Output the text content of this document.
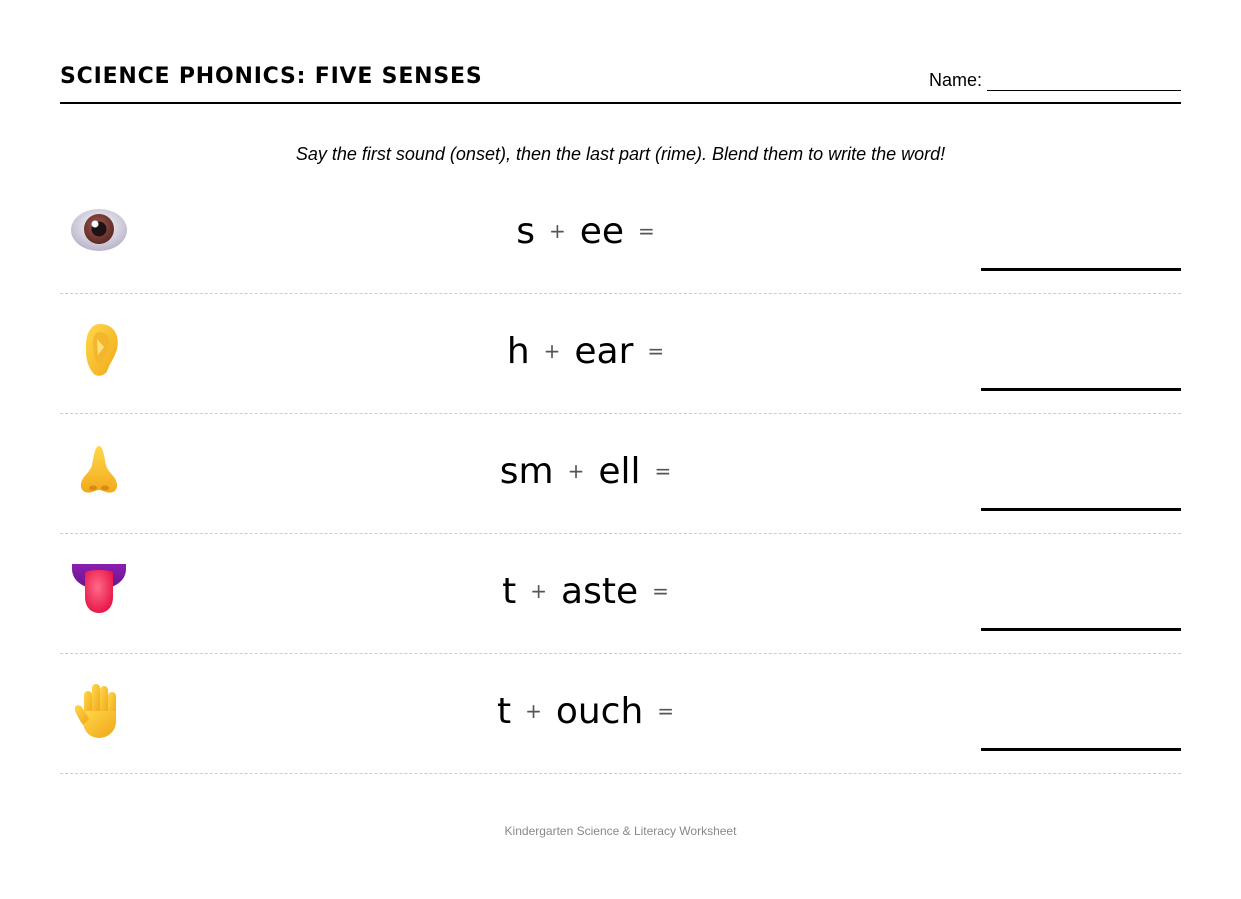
SCIENCE PHONICS: FIVE SENSES	Name:
Say the first sound (onset), then the last part (rime). Blend them to write the word!
s + ee =
h + ear =
sm + ell =
t + aste =
t + ouch =
Kindergarten Science & Literacy Worksheet
